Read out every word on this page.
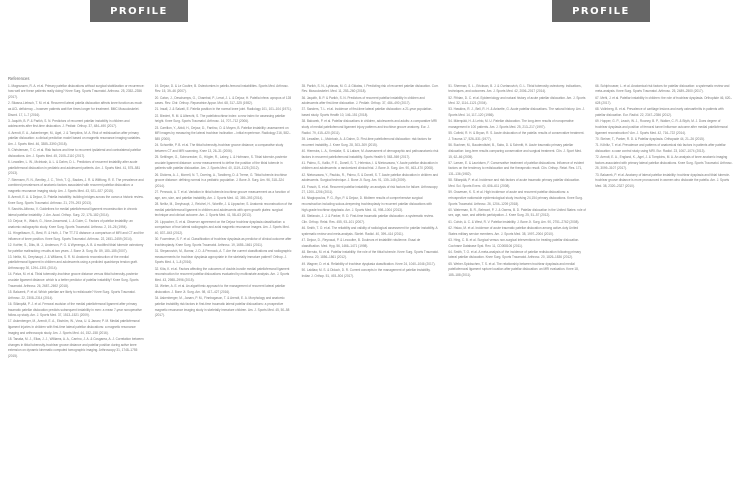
PROFILE	PROFILE
References

1. Magnussen, R. A. et al. Primary patellar dislocations without surgical stabilization or recurrence: how well are these patients really doing? Knee Surg. Sports Traumatol. Arthrosc. 25, 2352–2356 (2017).

2. Stiasna-Liebsch, T. M. et al. Recurrent lateral patella dislocation affects knee function as much as ACL deficiency – however patients wait five times longer for treatment. BMC Musculoskelet. Disord. 17, 1–7 (2016).

3. Jaquith, B. P. & Parikh, S. N. Predictors of recurrent patellar instability in children and adolescents after first-time dislocation. J. Pediatr. Orthop. 37, 484–490 (2017).

4. Arendt, E. A., Askenberger, M., Agel, J. & Tompkins, M. A. Risk of redislocation after primary patellar dislocation: a clinical prediction model based on magnetic resonance imaging variables. Am. J. Sports Med. 46, 3385–3390 (2018).

5. Christensen, T. C. et al. Risk factors and time to recurrent ipsilateral and contralateral patellar dislocations. Am. J. Sports Med. 45, 2105–2110 (2017).

6. Lewallen, L. W., McIntosh, A. L. & Dahm, D. L. Predictors of recurrent instability after acute patellofemoral dislocation in pediatric and adolescent patients. Am. J. Sports Med. 41, 575–581 (2013).

7. Steensen, R. N., Bentley, J. C., Trinh, T. Q., Backes, J. R. & Wiltfong, R. E. The prevalence and combined prevalences of anatomic factors associated with recurrent patellar dislocation: a magnetic resonance imaging study. Am. J. Sports Med. 43, 921–927 (2015).

8. Arendt, E. A. & Dejour, D. Patella instability: building bridges across the ocean a historic review. Knee Surg. Sports Traumatol. Arthrosc. 21, 279–293 (2013).

9. Sanchis-Alfonso, V. Guidelines for medial patellofemoral ligament reconstruction in chronic lateral patellar instability. J. Am. Acad. Orthop. Surg. 22, 175–182 (2014).

10. Dejour, H., Walch, G., Nove-Josserand, L. & Guier, C. Factors of patellar instability: an anatomic radiographic study. Knee Surg. Sports Traumatol. Arthrosc. 2, 19–26 (1994).

11. Hingelbaum, S., Best, R. & Huth, J. The TT-TG distance: a comparison of MRI and CT and the influence of knee position. Knee Surg. Sports Traumatol. Arthrosc. 22, 2451–2459 (2014).

12. Koëter, S., Diks, M. J., Anderson, P. G. & Wymenga, A. B. A modified tibial tubercle osteotomy for patellar maltracking: results at two years. J. Bone Jt. Surg. Br. 89, 180–185 (2007).

13. Nelitz, M., Dreyhaupt, J. & Williams, S. R. M. Anatomic reconstruction of the medial patellofemoral ligament in children and adolescents using a pedicled quadriceps tendon graft. Arthroscopy 30, 1294–1301 (2014).

14. Paiva, M. et al. Tibial tuberosity-trochlear groove distance versus tibial tuberosity-posterior cruciate ligament distance: which is a better predictor of patellar instability? Knee Surg. Sports Traumatol. Arthrosc. 26, 2687–2692 (2018).

15. Balcarek, P. et al. Which patellae are likely to redislocate? Knee Surg. Sports Traumatol. Arthrosc. 22, 2308–2314 (2014).

16. Sillanpää, P. J. et al. Femoral avulsion of the medial patellofemoral ligament after primary traumatic patellar dislocation predicts subsequent instability in men: a mean 7-year nonoperative follow-up study. Am. J. Sports Med. 37, 1513–1521 (2009).

17. Askenberger, M., Arendt, E. A., Ekström, W., Voss, U. & Janarv, P. M. Medial patellofemoral ligament injuries in children with first-time lateral patellar dislocations: a magnetic resonance imaging and arthroscopic study. Am. J. Sports Med. 44, 152–158 (2016).

18. Tanaka, M. J., Elias, J. J., Williams, A. A., Carrino, J. A. & Cosgarea, A. J. Correlation between changes in tibial tuberosity-trochlear groove distance and patellar position during active knee extension on dynamic kinematic computed tomographic imaging. Arthroscopy 31, 1748–1755 (2015).

19. Dejour, D. & Le Coultre, B. Osteotomies in patello-femoral instabilities. Sports Med. Arthrosc. Rev. 15, 39–46 (2007).

20. Caton, J., Deschamps, G., Chambat, P., Lerat, J. L. & Dejour, H. Patella infera: apropos of 128 cases. Rev. Chir. Orthop. Reparatrice Appar. Mot. 68, 317–325 (1982).

21. Insall, J. & Salvati, E. Patella position in the normal knee joint. Radiology 101, 101–104 (1971).

22. Biedert, R. M. & Albrecht, S. The patellotrochlear index: a new index for assessing patellar height. Knee Surg. Sports Traumatol. Arthrosc. 14, 707–712 (2006).

23. Carrillon, Y., Abidi, H., Dejour, D., Fantino, O. & Moyen, B. Patellar instability: assessment on MR images by measuring the lateral trochlear inclination – initial experience. Radiology 216, 582–585 (2000).

24. Schoettle, P. B. et al. The tibial tuberosity-trochlear groove distance; a comparative study between CT and MRI scanning. Knee 13, 26–31 (2006).

25. Seitlinger, G., Scheurecker, G., Högler, R., Labey, L. & Hofmann, S. Tibial tubercle-posterior cruciate ligament distance: a new measurement to define the position of the tibial tubercle in patients with patellar dislocation. Am. J. Sports Med. 40, 1119–1125 (2012).

26. Dickens, A. J., Morrell, N. T., Doering, A., Tandberg, D. & Treme, G. Tibial tubercle-trochlear groove distance: defining normal in a pediatric population. J. Bone Jt. Surg. Am. 96, 318–324 (2014).

27. Pennock, A. T. et al. Variation in tibial tubercle-trochlear groove measurement as a function of age, sex, size, and patellar instability. Am. J. Sports Med. 42, 389–393 (2014).

28. Nelitz, M., Dreyhaupt, J., Reichel, H., Woelfle, J. & Lippacher, S. Anatomic reconstruction of the medial patellofemoral ligament in children and adolescents with open growth plates: surgical technique and clinical outcome. Am. J. Sports Med. 41, 58–63 (2013).

29. Lippacher, S. et al. Observer agreement on the Dejour trochlear dysplasia classification: a comparison of true lateral radiographs and axial magnetic resonance images. Am. J. Sports Med. 40, 837–843 (2012).

30. Fucentese, S. F. et al. Classification of trochlear dysplasia as predictor of clinical outcome after trochleoplasty. Knee Surg. Sports Traumatol. Arthrosc. 19, 1655–1661 (2011).

31. Stepanovich, M., Bomar, J. D. & Pennock, A. T. Are the current classifications and radiographic measurements for trochlear dysplasia appropriate in the skeletally immature patient? Orthop. J. Sports Med. 4, 1–8 (2016).

32. Kita, K. et al. Factors affecting the outcomes of double-bundle medial patellofemoral ligament reconstruction for recurrent patellar dislocations evaluated by multivariate analysis. Am. J. Sports Med. 43, 2988–2996 (2015).

33. Weber, A. E. et al. An algorithmic approach to the management of recurrent lateral patellar dislocation. J. Bone Jt. Surg. Am. 98, 417–427 (2016).

34. Askenberger, M., Janarv, P. M., Finnbogason, T. & Arendt, E. A. Morphology and anatomic patellar instability risk factors in first-time traumatic lateral patellar dislocations: a prospective magnetic resonance imaging study in skeletally immature children. Am. J. Sports Med. 45, 50–58 (2017).

35. Parikh, S. N., Lykissas, M. G. & Gkiatas, I. Predicting risk of recurrent patellar dislocation. Curr. Rev. Musculoskelet. Med. 11, 253–260 (2018).

36. Jaquith, B. P. & Parikh, S. N. Predictors of recurrent patellar instability in children and adolescents after first-time dislocation. J. Pediatr. Orthop. 37, 484–490 (2017).

37. Sanders, T. L. et al. Incidence of first-time lateral patellar dislocation: a 21-year population-based study. Sports Health 10, 146–151 (2018).

38. Balcarek, P. et al. Patellar dislocations in children, adolescents and adults: a comparative MRI study of medial patellofemoral ligament injury patterns and trochlear groove anatomy. Eur. J. Radiol. 79, 415–420 (2011).

39. Lewallen, L., McIntosh, A. & Dahm, D. First-time patellofemoral dislocation: risk factors for recurrent instability. J. Knee Surg. 28, 303–309 (2015).

40. Hiemstra, L. A., Kerslake, S. & Lafave, M. Assessment of demographic and pathoanatomic risk factors in recurrent patellofemoral instability. Sports Health 9, 563–569 (2017).

41. Palmu, S., Kallio, P. E., Donell, S. T., Helenius, I. & Nietosvaara, Y. Acute patellar dislocation in children and adolescents: a randomized clinical trial. J. Bone Jt. Surg. Am. 90, 463–470 (2008).

42. Nietosvaara, Y., Paukku, R., Palmu, S. & Donell, S. T. Acute patellar dislocation in children and adolescents. Surgical technique. J. Bone Jt. Surg. Am. 91, 139–145 (2009).

43. Frosch, S. et al. Recurrent patellar instability: an analysis of risk factors for failure. Arthroscopy 27, 1200–1206 (2011).

44. Ntagiopoulos, P. G., Byn, P. & Dejour, D. Midterm results of comprehensive surgical reconstruction including sulcus-deepening trochleoplasty in recurrent patellar dislocations with high-grade trochlear dysplasia. Am. J. Sports Med. 41, 998–1004 (2013).

45. Stefancin, J. J. & Parker, R. D. First-time traumatic patellar dislocation: a systematic review. Clin. Orthop. Relat. Res. 455, 93–101 (2007).

46. Smith, T. O. et al. The reliability and validity of radiological assessment for patellar instability. A systematic review and meta-analysis. Skelet. Radiol. 40, 399–414 (2011).

47. Dejour, D., Reynaud, P. & Lecoultre, B. Douleurs et instabilité rotulienne. Essai de classification. Med. Hyg. 56, 1466–1471 (1998).

48. Berruto, M. et al. Patellar instability: the role of the tibial tubercle. Knee Surg. Sports Traumatol. Arthrosc. 20, 1856–1861 (2012).

49. Wagner, D. et al. Reliability of trochlear dysplasia classification. Knee 24, 1040–1046 (2017).

50. Laidlaw, M. S. & Diduch, D. R. Current concepts in the management of patellar instability. Indian J. Orthop. 51, 493–504 (2017).

51. Sherman, S. L., Erickson, B. J. & Cvetanovich, G. L. Tibial tuberosity osteotomy: indications, techniques, and outcomes. Am. J. Sports Med. 42, 2006–2017 (2014).

52. Fithian, D. C. et al. Epidemiology and natural history of acute patellar dislocation. Am. J. Sports Med. 32, 1114–1121 (2004).

53. Hawkins, R. J., Bell, R. H. & Anisette, G. Acute patellar dislocations. The natural history. Am. J. Sports Med. 14, 117–120 (1986).

54. Mäenpää, H. & Lehto, M. U. Patellar dislocation. The long-term results of nonoperative management in 100 patients. Am. J. Sports Med. 25, 213–217 (1997).

55. Cofield, R. H. & Bryan, R. S. Acute dislocation of the patella: results of conservative treatment. J. Trauma 17, 526–531 (1977).

56. Buchner, M., Baudendistel, B., Sabo, D. & Schmitt, H. Acute traumatic primary patellar dislocation: long-term results comparing conservative and surgical treatment. Clin. J. Sport Med. 15, 62–66 (2005).

57. Larsen, E. & Lauridsen, F. Conservative treatment of patellar dislocations. Influence of evident factors on the tendency to redislocation and the therapeutic result. Clin. Orthop. Relat. Res. 171, 131–136 (1982).

58. Sillanpää, P. et al. Incidence and risk factors of acute traumatic primary patellar dislocation. Med. Sci. Sports Exerc. 40, 606–611 (2008).

59. Gravesen, K. S. et al. High incidence of acute and recurrent patellar dislocations: a retrospective nationwide epidemiological study involving 24,154 primary dislocations. Knee Surg. Sports Traumatol. Arthrosc. 26, 1204–1209 (2018).

60. Waterman, B. R., Belmont, P. J. & Owens, B. D. Patellar dislocation in the United States: role of sex, age, race, and athletic participation. J. Knee Surg. 25, 51–57 (2012).

61. Colvin, A. C. & West, R. V. Patellar instability. J. Bone Jt. Surg. Am. 90, 2751–2762 (2008).

62. Hsiao, M. et al. Incidence of acute traumatic patellar dislocation among active-duty United States military service members. Am. J. Sports Med. 38, 1997–2004 (2010).

63. Hing, C. B. et al. Surgical versus non-surgical interventions for treating patellar dislocation. Cochrane Database Syst. Rev. 11, CD008106 (2011).

64. Smith, T. O. et al. A meta-analysis of the incidence of patellar redislocation following primary lateral patellar dislocation. Knee Surg. Sports Traumatol. Arthrosc. 20, 1826–1836 (2012).

65. Weber-Spickschen, T. S. et al. The relationship between trochlear dysplasia and medial patellofemoral ligament rupture location after patellar dislocation: an MRI evaluation. Knee 18, 185–188 (2011).

66. Schiphouwer, L. et al. Anatomical risk factors for patellar dislocation: a systematic review and meta-analysis. Knee Surg. Sports Traumatol. Arthrosc. 25, 2489–2500 (2017).

67. Mehl, J. et al. Patellar instability in children: the role of trochlear dysplasia. Orthopäde 46, 620–628 (2017).

68. Vollnberg, B. et al. Prevalence of cartilage lesions and early osteoarthritis in patients with patellar dislocation. Eur. Radiol. 22, 2347–2356 (2012).

69. Hopper, G. P., Leach, W. J., Rooney, B. P., Walker, C. R. & Blyth, M. J. Does degree of trochlear dysplasia and position of femoral tunnel influence outcome after medial patellofemoral ligament reconstruction? Am. J. Sports Med. 42, 716–722 (2014).

70. Steiner, T., Parker, R. D. & Patellar dysplasia. Orthopade 44, 21–26 (2015).

71. Köhlitz, T. et al. Prevalence and patterns of anatomical risk factors in patients after patellar dislocation: a case control study using MRI. Eur. Radiol. 23, 1067–1074 (2013).

72. Arendt, E. A., England, K., Agel, J. & Tompkins, M. A. An analysis of knee anatomic imaging factors associated with primary lateral patellar dislocations. Knee Surg. Sports Traumatol. Arthrosc. 25, 3099–3107 (2017).

73. Balcarek, P. et al. Anatomy of lateral patellar instability: trochlear dysplasia and tibial tubercle-trochlear groove distance is more pronounced in women who dislocate the patella. Am. J. Sports Med. 38, 2320–2327 (2010).
